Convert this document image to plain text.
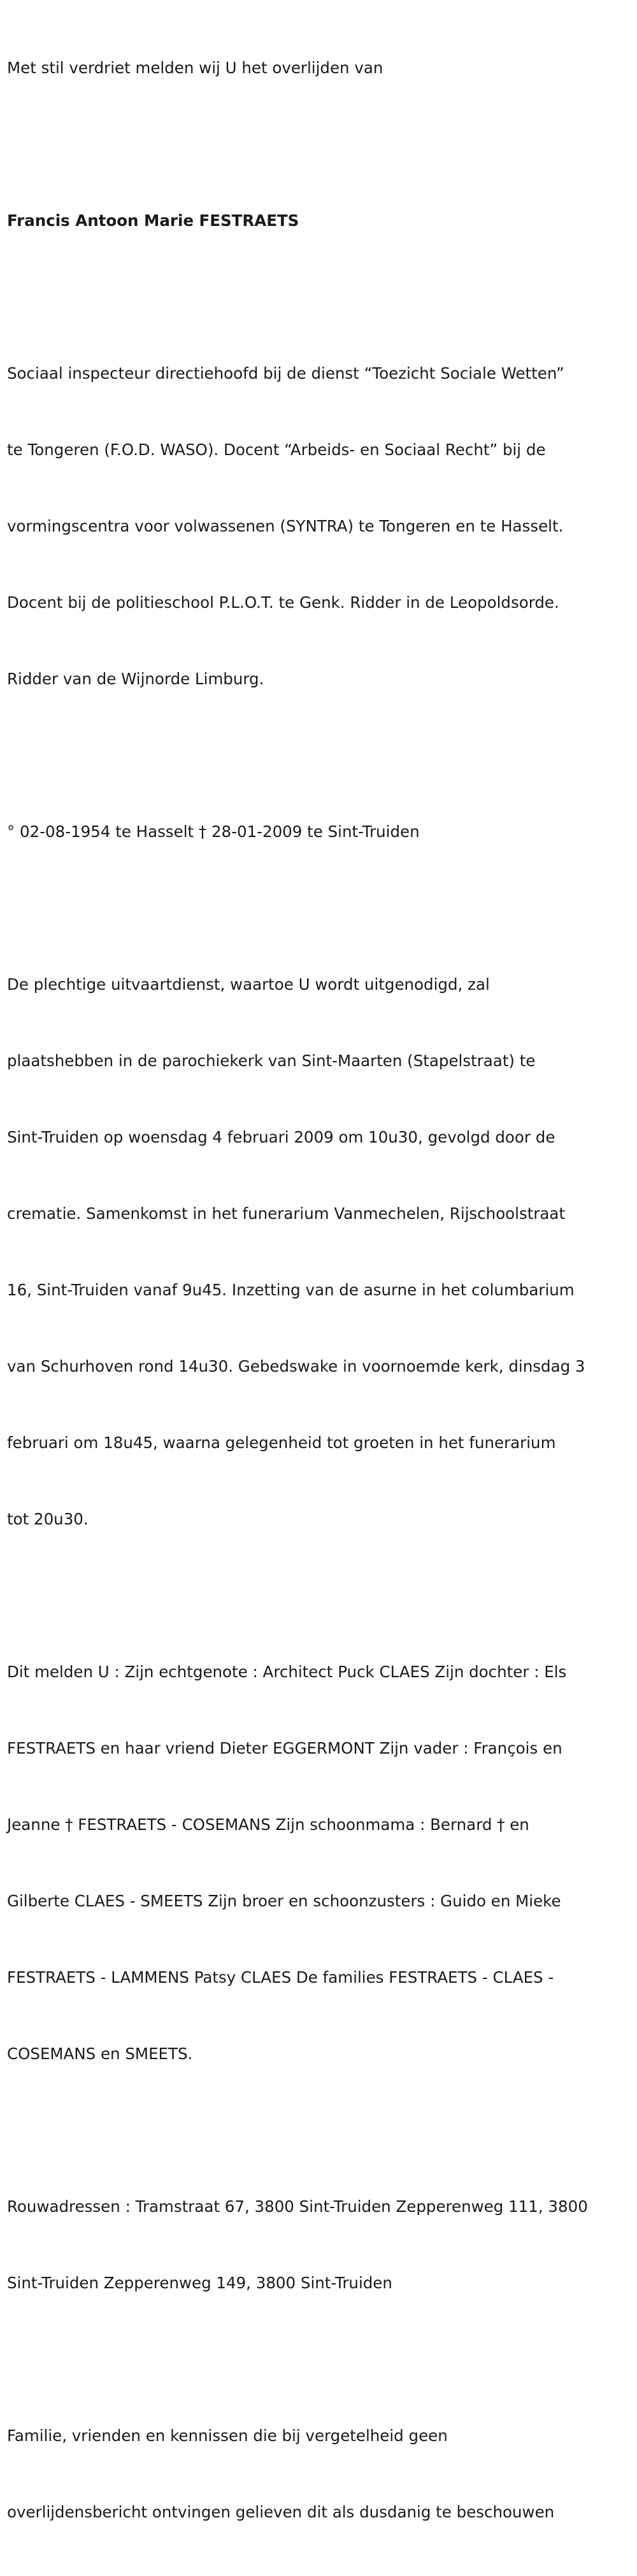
Met stil verdriet melden wij U het overlijden van

Francis Antoon Marie FESTRAETS

Sociaal inspecteur directiehoofd bij de dienst “Toezicht Sociale Wetten”

te Tongeren (F.O.D. WASO). Docent “Arbeids- en Sociaal Recht” bij de

vormingscentra voor volwassenen (SYNTRA) te Tongeren en te Hasselt.

Docent bij de politieschool P.L.O.T. te Genk. Ridder in de Leopoldsorde.

Ridder van de Wijnorde Limburg.

° 02-08-1954 te Hasselt † 28-01-2009 te Sint-Truiden

De plechtige uitvaartdienst, waartoe U wordt uitgenodigd, zal

plaatshebben in de parochiekerk van Sint-Maarten (Stapelstraat) te

Sint-Truiden op woensdag 4 februari 2009 om 10u30, gevolgd door de

crematie. Samenkomst in het funerarium Vanmechelen, Rijschoolstraat

16, Sint-Truiden vanaf 9u45. Inzetting van de asurne in het columbarium

van Schurhoven rond 14u30. Gebedswake in voornoemde kerk, dinsdag 3

februari om 18u45, waarna gelegenheid tot groeten in het funerarium

tot 20u30.

Dit melden U : Zijn echtgenote : Architect Puck CLAES Zijn dochter : Els

FESTRAETS en haar vriend Dieter EGGERMONT Zijn vader : François en

Jeanne † FESTRAETS - COSEMANS Zijn schoonmama : Bernard † en

Gilberte CLAES - SMEETS Zijn broer en schoonzusters : Guido en Mieke

FESTRAETS - LAMMENS Patsy CLAES De families FESTRAETS - CLAES -

COSEMANS en SMEETS.

Rouwadressen : Tramstraat 67, 3800 Sint-Truiden Zepperenweg 111, 3800

Sint-Truiden Zepperenweg 149, 3800 Sint-Truiden

Familie, vrienden en kennissen die bij vergetelheid geen

overlijdensbericht ontvingen gelieven dit als dusdanig te beschouwen
